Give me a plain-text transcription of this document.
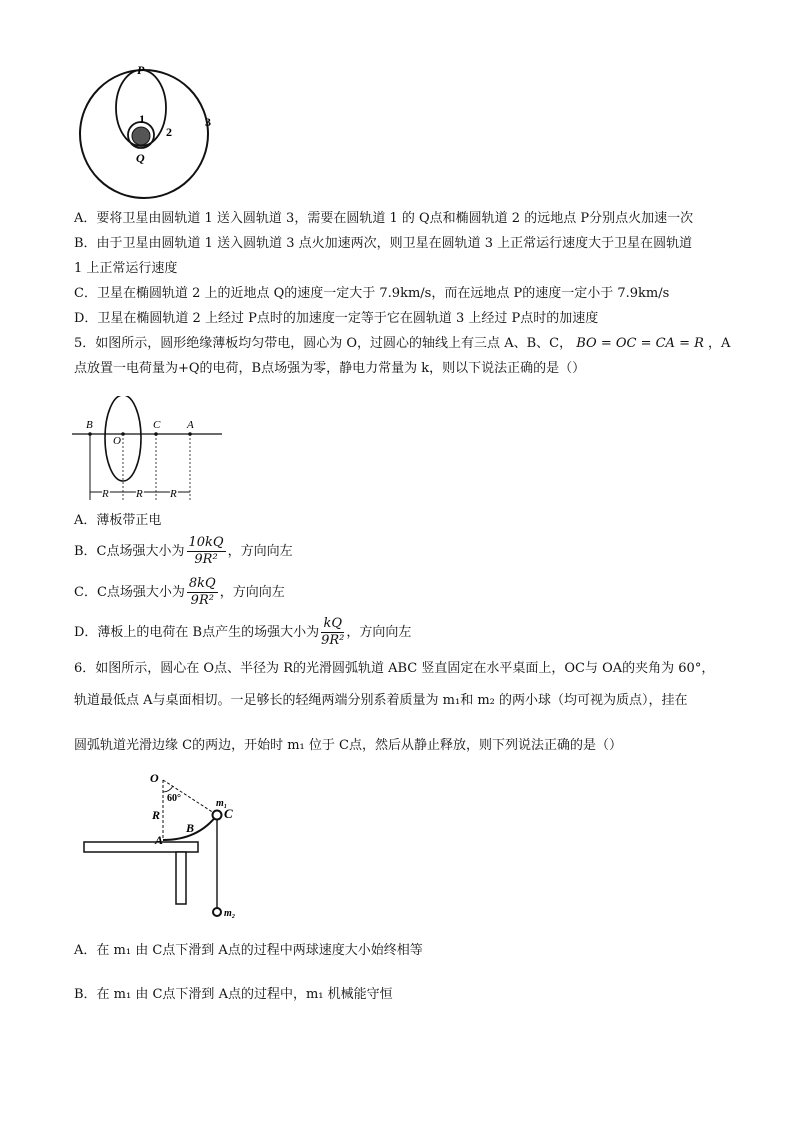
P
1
2
3
Q
A．要将卫星由圆轨道 1 送入圆轨道 3，需要在圆轨道 1 的 Q点和椭圆轨道 2 的远地点 P分别点火加速一次
B．由于卫星由圆轨道 1 送入圆轨道 3 点火加速两次，则卫星在圆轨道 3 上正常运行速度大于卫星在圆轨道
1 上正常运行速度
C．卫星在椭圆轨道 2 上的近地点 Q的速度一定大于 7.9km/s，而在远地点 P的速度一定小于 7.9km/s
D．卫星在椭圆轨道 2 上经过 P点时的加速度一定等于它在圆轨道 3 上经过 P点时的加速度
5．如图所示，圆形绝缘薄板均匀带电，圆心为 O，过圆心的轴线上有三点 A、B、C， BO = OC = CA = R ，A
点放置一电荷量为+Q的电荷，B点场强为零，静电力常量为 k，则以下说法正确的是（）
B
O
C A
R R R
A．薄板带正电
B．C点场强大小为 $\frac{10kQ}{\text{9R²}}$ ，方向向左
C．C点场强大小为 $\frac{8kQ}{\text{9R²}}$ ，方向向左
D．薄板上的电荷在 B点产生的场强大小为 $\frac{kQ}{\text{9R²}}$ ，方向向左
6．如图所示，圆心在 O点、半径为 R的光滑圆弧轨道 ABC 竖直固定在水平桌面上，OC与 OA的夹角为 60°，
轨道最低点 A与桌面相切。一足够长的轻绳两端分别系着质量为 m₁和 m₂ 的两小球（均可视为质点），挂在
圆弧轨道光滑边缘 C的两边，开始时 m₁ 位于 C点，然后从静止释放，则下列说法正确的是（）
O
60°
R
A
B
C
m₁
m₂
A．在 m₁ 由 C点下滑到 A点的过程中两球速度大小始终相等
B．在 m₁ 由 C点下滑到 A点的过程中，m₁ 机械能守恒
